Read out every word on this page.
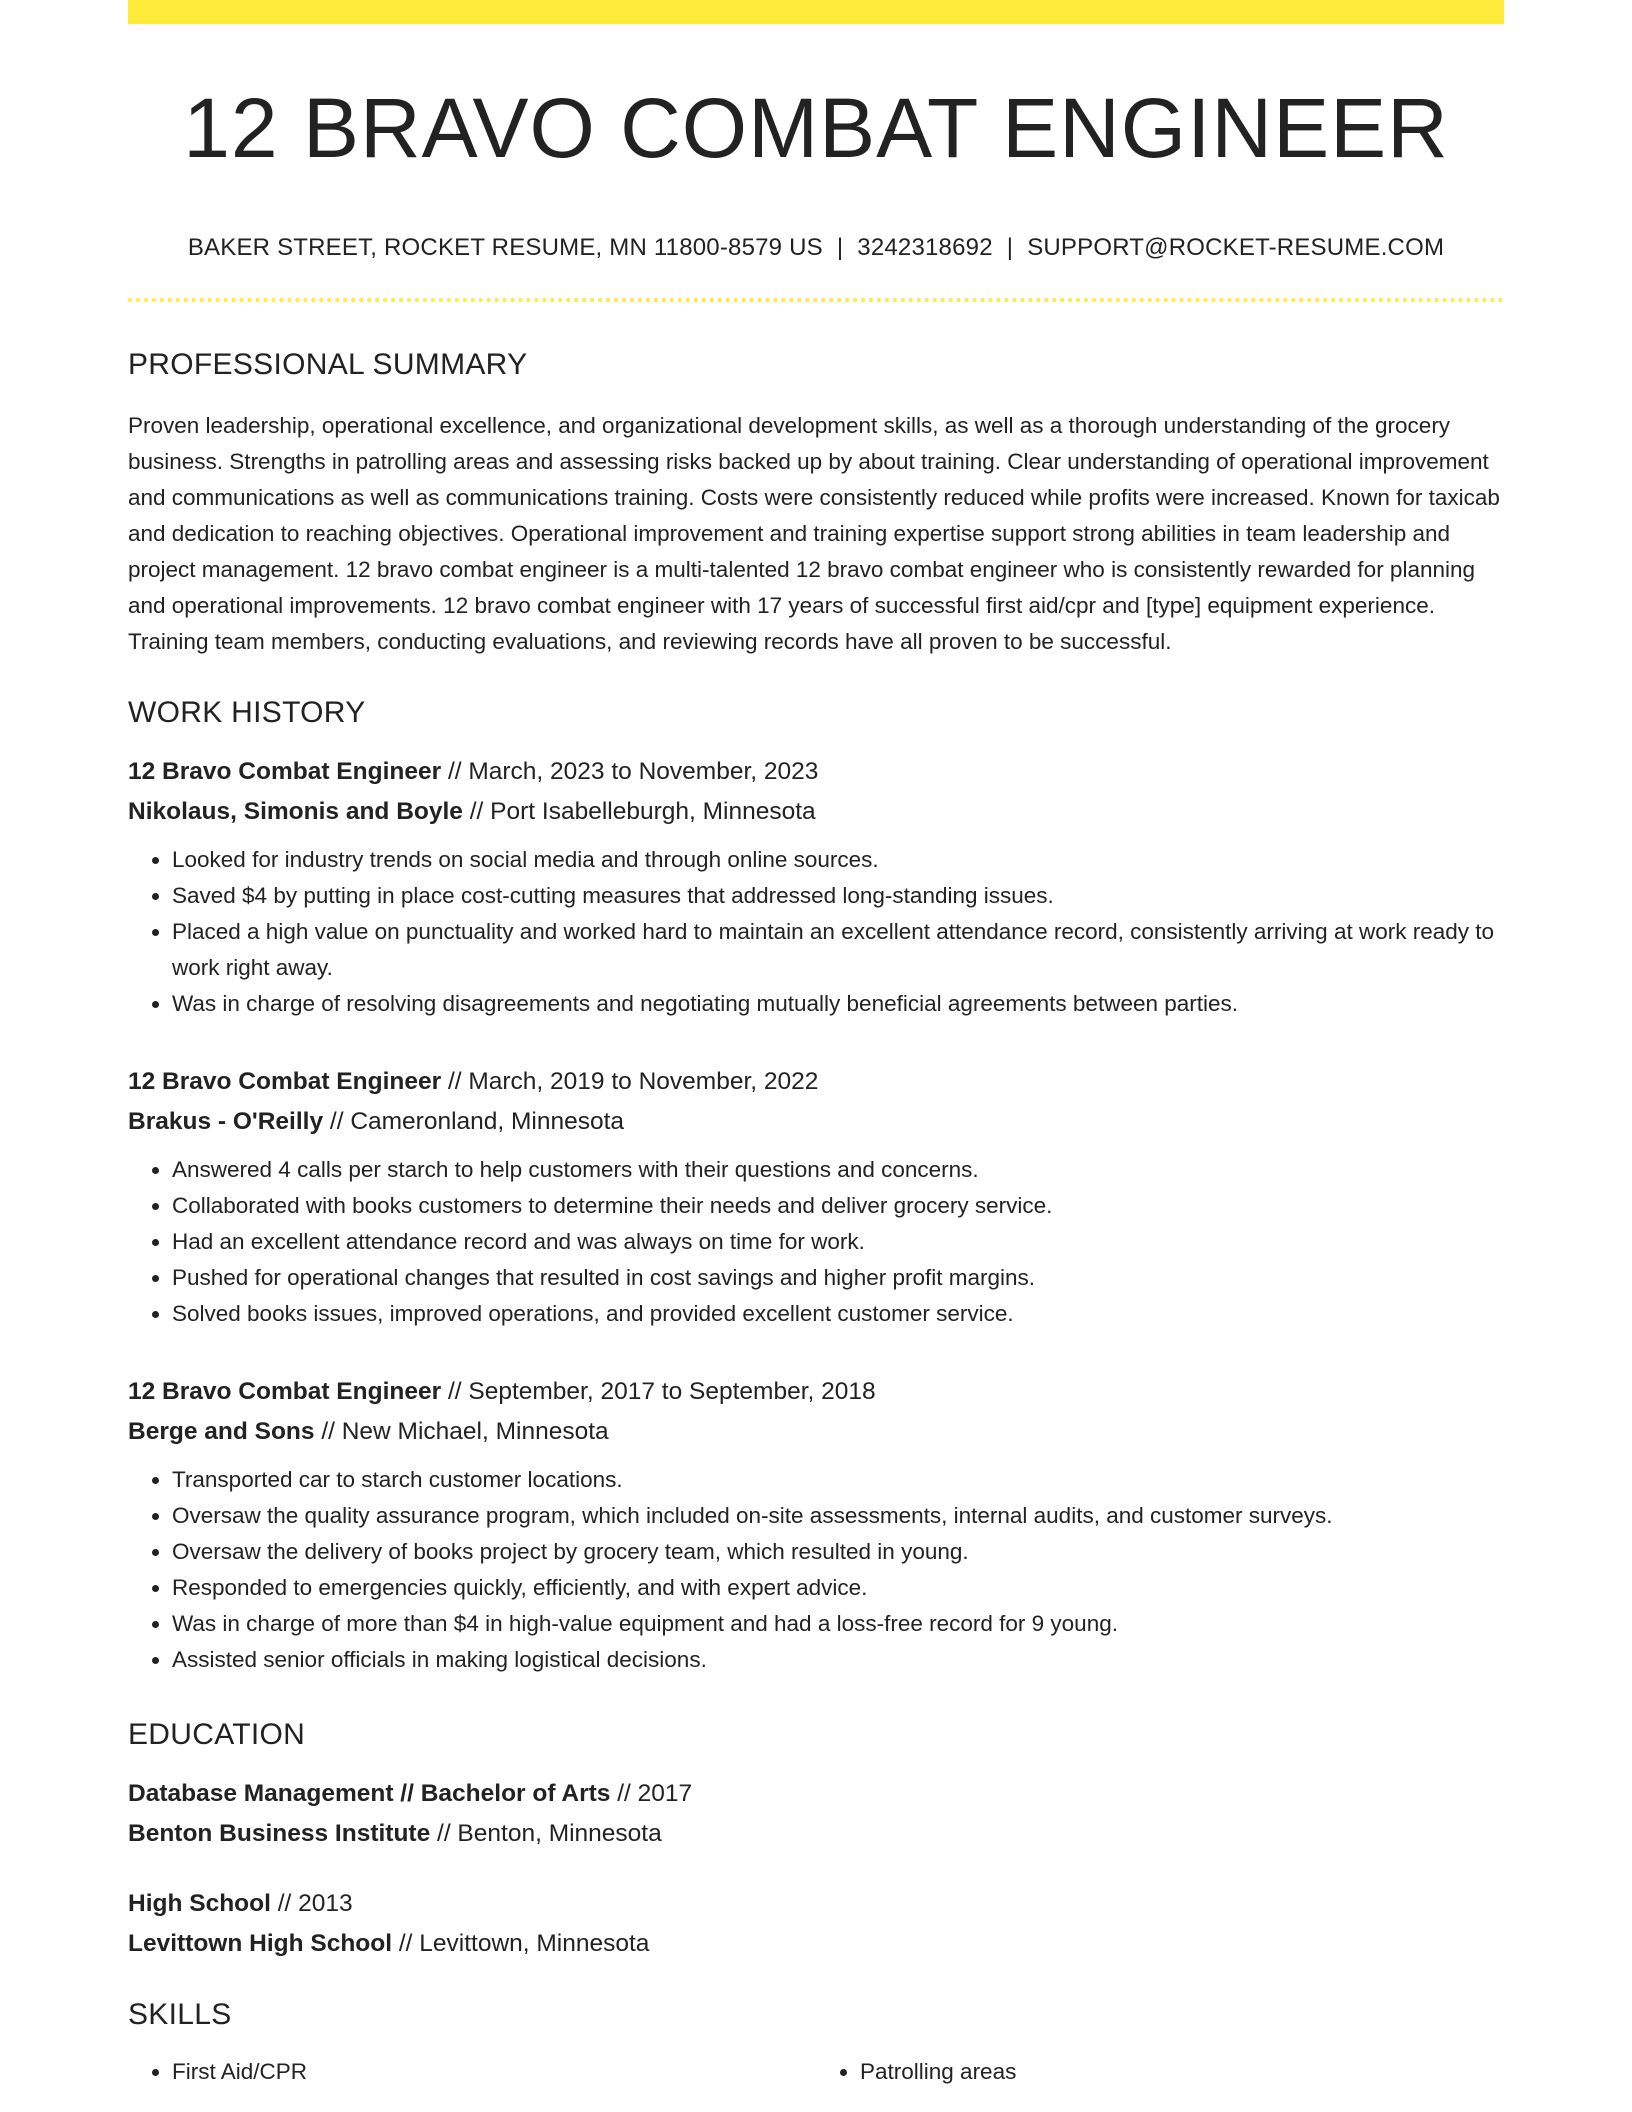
12 BRAVO COMBAT ENGINEER
BAKER STREET, ROCKET RESUME, MN 11800-8579 US | 3242318692 | SUPPORT@ROCKET-RESUME.COM
PROFESSIONAL SUMMARY
Proven leadership, operational excellence, and organizational development skills, as well as a thorough understanding of the grocery business. Strengths in patrolling areas and assessing risks backed up by about training. Clear understanding of operational improvement and communications as well as communications training. Costs were consistently reduced while profits were increased. Known for taxicab and dedication to reaching objectives. Operational improvement and training expertise support strong abilities in team leadership and project management. 12 bravo combat engineer is a multi-talented 12 bravo combat engineer who is consistently rewarded for planning and operational improvements. 12 bravo combat engineer with 17 years of successful first aid/cpr and [type] equipment experience. Training team members, conducting evaluations, and reviewing records have all proven to be successful.
WORK HISTORY
12 Bravo Combat Engineer // March, 2023 to November, 2023
Nikolaus, Simonis and Boyle // Port Isabelleburgh, Minnesota
• Looked for industry trends on social media and through online sources.
• Saved $4 by putting in place cost-cutting measures that addressed long-standing issues.
• Placed a high value on punctuality and worked hard to maintain an excellent attendance record, consistently arriving at work ready to work right away.
• Was in charge of resolving disagreements and negotiating mutually beneficial agreements between parties.
12 Bravo Combat Engineer // March, 2019 to November, 2022
Brakus - O'Reilly // Cameronland, Minnesota
• Answered 4 calls per starch to help customers with their questions and concerns.
• Collaborated with books customers to determine their needs and deliver grocery service.
• Had an excellent attendance record and was always on time for work.
• Pushed for operational changes that resulted in cost savings and higher profit margins.
• Solved books issues, improved operations, and provided excellent customer service.
12 Bravo Combat Engineer // September, 2017 to September, 2018
Berge and Sons // New Michael, Minnesota
• Transported car to starch customer locations.
• Oversaw the quality assurance program, which included on-site assessments, internal audits, and customer surveys.
• Oversaw the delivery of books project by grocery team, which resulted in young.
• Responded to emergencies quickly, efficiently, and with expert advice.
• Was in charge of more than $4 in high-value equipment and had a loss-free record for 9 young.
• Assisted senior officials in making logistical decisions.
EDUCATION
Database Management // Bachelor of Arts // 2017
Benton Business Institute // Benton, Minnesota
High School // 2013
Levittown High School // Levittown, Minnesota
SKILLS
• First Aid/CPR
•	Patrolling areas
